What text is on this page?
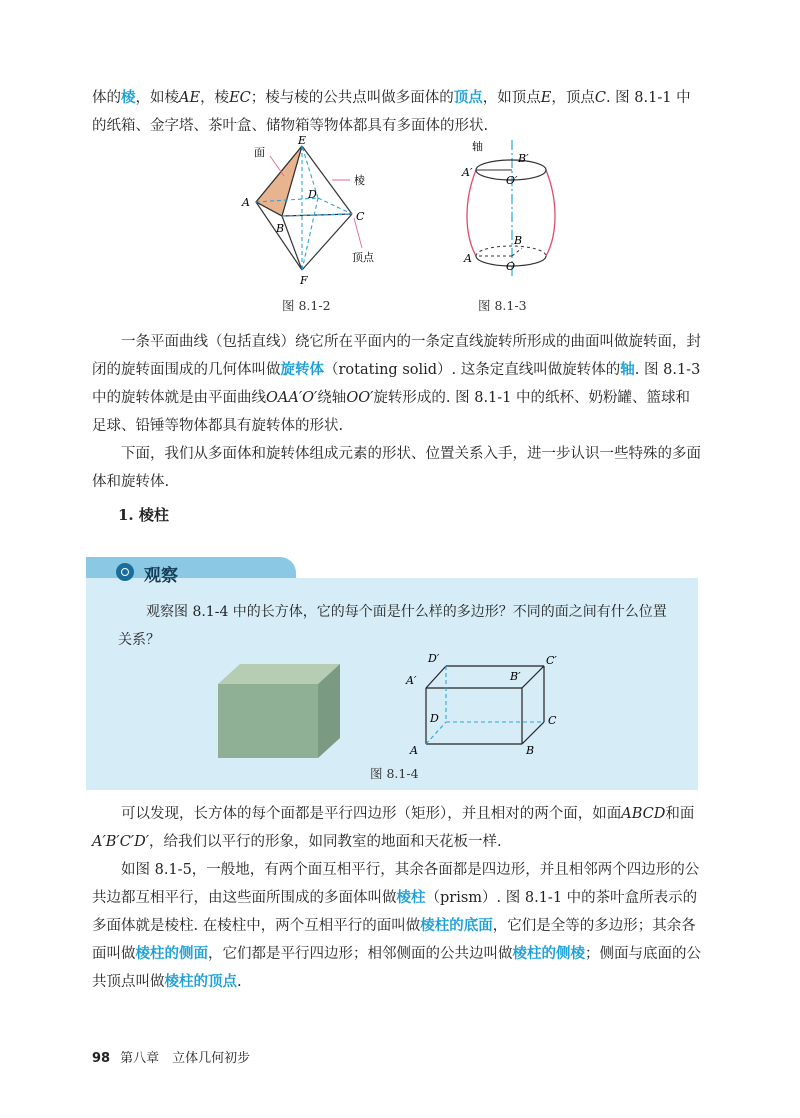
体的棱，如棱AE，棱EC；棱与棱的公共点叫做多面体的顶点，如顶点E，顶点C. 图 8.1-1 中的纸箱、金字塔、茶叶盒、储物箱等物体都具有多面体的形状.

面
棱
顶点
E
A
B
C
D
F
图 8.1-2
轴
B′
A′
O′
B
A
O
图 8.1-3

一条平面曲线（包括直线）绕它所在平面内的一条定直线旋转所形成的曲面叫做旋转面，封闭的旋转面围成的几何体叫做旋转体（rotating solid）. 这条定直线叫做旋转体的轴. 图 8.1-3 中的旋转体就是由平面曲线OAA′O′绕轴OO′旋转形成的. 图 8.1-1 中的纸杯、奶粉罐、篮球和足球、铅锤等物体都具有旋转体的形状.

下面，我们从多面体和旋转体组成元素的形状、位置关系入手，进一步认识一些特殊的多面体和旋转体.

1. 棱柱
观察

观察图 8.1-4 中的长方体，它的每个面是什么样的多边形？不同的面之间有什么位置关系？

D′	C′
A′	B′
D	C
A	B
图 8.1-4

可以发现，长方体的每个面都是平行四边形（矩形），并且相对的两个面，如面ABCD和面A′B′C′D′，给我们以平行的形象，如同教室的地面和天花板一样.

如图 8.1-5，一般地，有两个面互相平行，其余各面都是四边形，并且相邻两个四边形的公共边都互相平行，由这些面所围成的多面体叫做棱柱（prism）. 图 8.1-1 中的茶叶盒所表示的多面体就是棱柱. 在棱柱中，两个互相平行的面叫做棱柱的底面，它们是全等的多边形；其余各面叫做棱柱的侧面，它们都是平行四边形；相邻侧面的公共边叫做棱柱的侧棱；侧面与底面的公共顶点叫做棱柱的顶点.

98 第八章　立体几何初步
